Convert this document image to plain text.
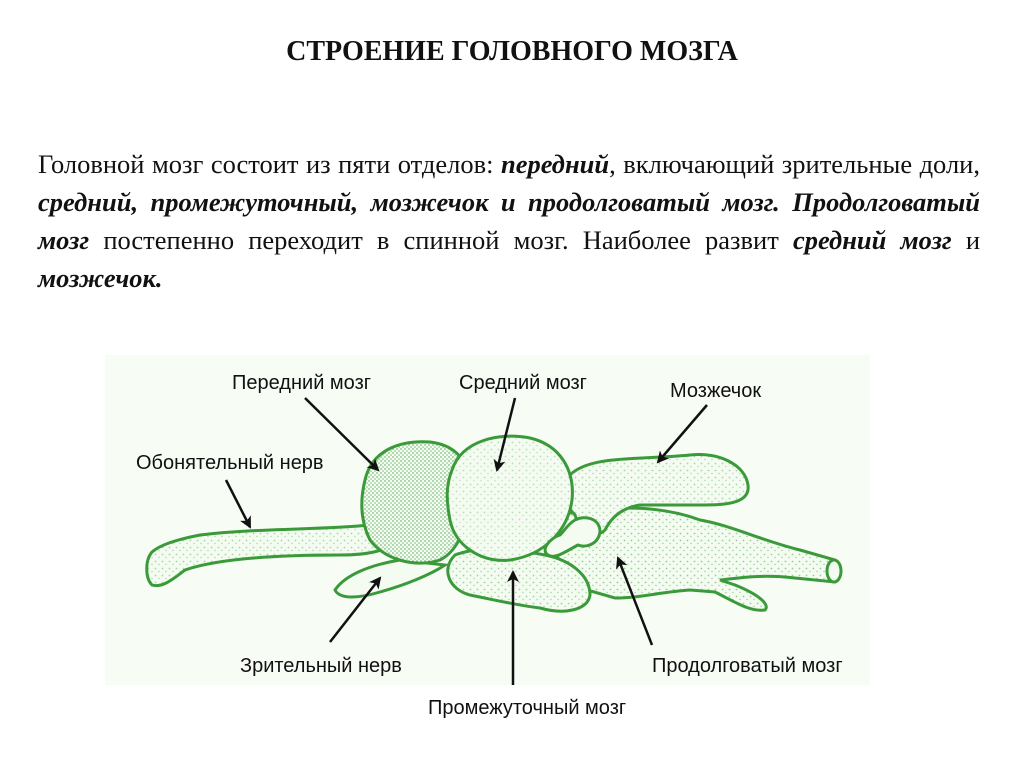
СТРОЕНИЕ ГОЛОВНОГО МОЗГА
Головной мозг состоит из пяти отделов: передний, включающий зрительные доли, средний, промежуточный, мозжечок и продолговатый мозг. Продолговатый мозг постепенно переходит в спинной мозг. Наиболее развит средний мозг и мозжечок.
Передний мозг	Средний мозг	Мозжечок
Обонятельный нерв
Зрительный нерв
Промежуточный мозг
Продолговатый мозг
